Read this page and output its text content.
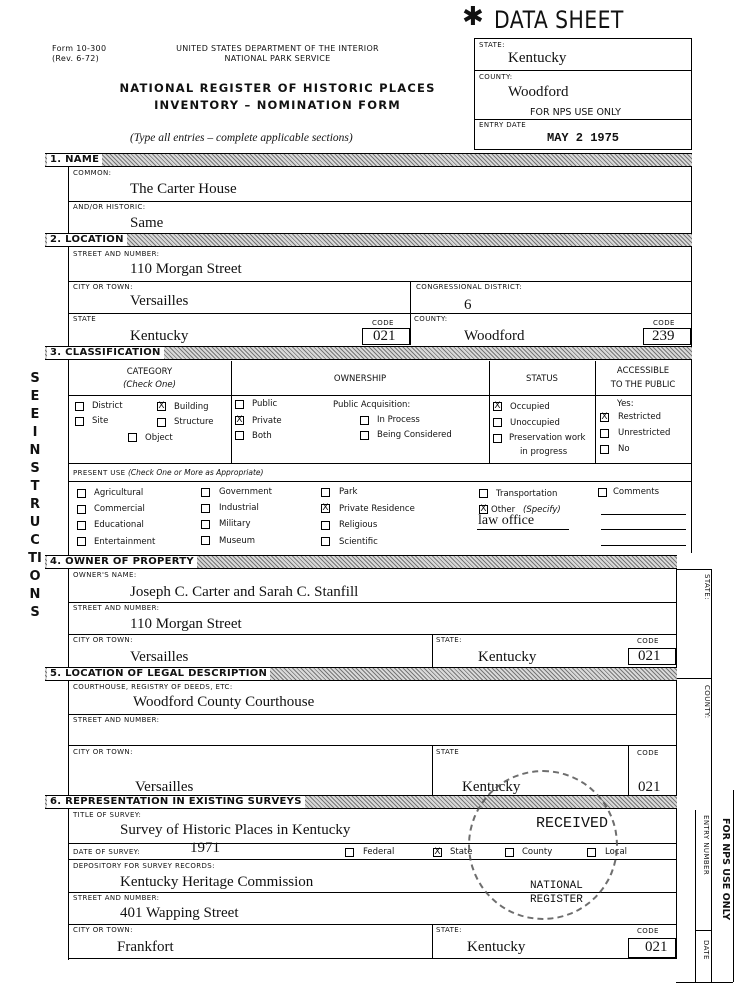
Form 10-300
(Rev. 6-72)
UNITED STATES DEPARTMENT OF THE INTERIOR
NATIONAL PARK SERVICE
NATIONAL REGISTER OF HISTORIC PLACES
INVENTORY – NOMINATION FORM
(Type all entries – complete applicable sections)
✱ DATA SHEET
STATE:
Kentucky
COUNTY:
Woodford
FOR NPS USE ONLY
ENTRY DATE
MAY 2 1975
SEE INSTRUCTIONS
1. NAME
COMMON:
The Carter House
AND/OR HISTORIC:
Same
2. LOCATION
STREET AND NUMBER:
110 Morgan Street
CITY OR TOWN:
Versailles
CONGRESSIONAL DISTRICT:
6
STATE
Kentucky
CODE
021
COUNTY:
Woodford
CODE
239
3. CLASSIFICATION
CATEGORY
(Check One)
OWNERSHIP	STATUS
ACCESSIBLE
TO THE PUBLIC
District	X Building
Site	Structure
Object
Public
X Private
Both
Public Acquisition:
In Process
Being Considered
X Occupied
Unoccupied
Preservation work
in progress
Yes:
X Restricted
Unrestricted
No
PRESENT USE (Check One or More as Appropriate)
Agricultural
Commercial
Educational
Entertainment
Government
Industrial
Military
Museum
Park
X Private Residence
Religious
Scientific
Transportation
X Other (Specify)
law office
Comments
4. OWNER OF PROPERTY
OWNER'S NAME:
Joseph C. Carter and Sarah C. Stanfill
STREET AND NUMBER:
110 Morgan Street
CITY OR TOWN:
Versailles
STATE:
Kentucky
CODE
021
STATE:
COUNTY:
5. LOCATION OF LEGAL DESCRIPTION
COURTHOUSE, REGISTRY OF DEEDS, ETC:
Woodford County Courthouse
STREET AND NUMBER:
CITY OR TOWN:
Versailles
STATE
Kentucky
CODE
021
6. REPRESENTATION IN EXISTING SURVEYS
TITLE OF SURVEY:
Survey of Historic Places in Kentucky
DATE OF SURVEY:	1971	Federal	X State	County	Local
DEPOSITORY FOR SURVEY RECORDS:
Kentucky Heritage Commission
STREET AND NUMBER:
401 Wapping Street
CITY OR TOWN:
Frankfort
STATE:
Kentucky
CODE
021
ENTRY NUMBER
DATE
FOR NPS USE ONLY
RECEIVED
NATIONAL
REGISTER
